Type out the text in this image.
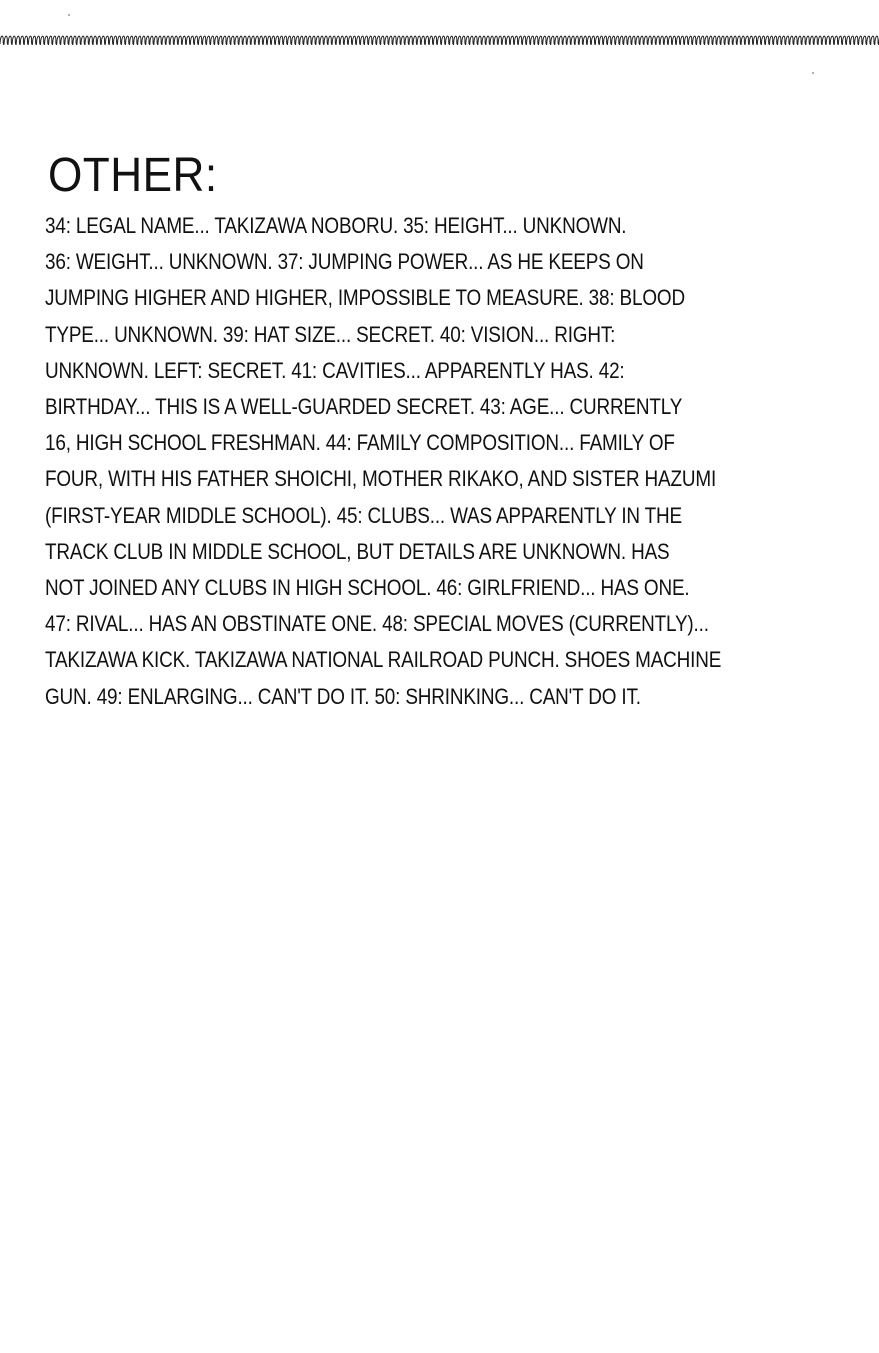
OTHER:
34: LEGAL NAME... TAKIZAWA NOBORU. 35: HEIGHT... UNKNOWN.
36: WEIGHT... UNKNOWN. 37: JUMPING POWER... AS HE KEEPS ON
JUMPING HIGHER AND HIGHER, IMPOSSIBLE TO MEASURE. 38: BLOOD
TYPE... UNKNOWN. 39: HAT SIZE... SECRET. 40: VISION... RIGHT:
UNKNOWN. LEFT: SECRET. 41: CAVITIES... APPARENTLY HAS. 42:
BIRTHDAY... THIS IS A WELL-GUARDED SECRET. 43: AGE... CURRENTLY
16, HIGH SCHOOL FRESHMAN. 44: FAMILY COMPOSITION... FAMILY OF
FOUR, WITH HIS FATHER SHOICHI, MOTHER RIKAKO, AND SISTER HAZUMI
(FIRST-YEAR MIDDLE SCHOOL). 45: CLUBS... WAS APPARENTLY IN THE
TRACK CLUB IN MIDDLE SCHOOL, BUT DETAILS ARE UNKNOWN. HAS
NOT JOINED ANY CLUBS IN HIGH SCHOOL. 46: GIRLFRIEND... HAS ONE.
47: RIVAL... HAS AN OBSTINATE ONE. 48: SPECIAL MOVES (CURRENTLY)...
TAKIZAWA KICK. TAKIZAWA NATIONAL RAILROAD PUNCH. SHOES MACHINE
GUN. 49: ENLARGING... CAN'T DO IT. 50: SHRINKING... CAN'T DO IT.
